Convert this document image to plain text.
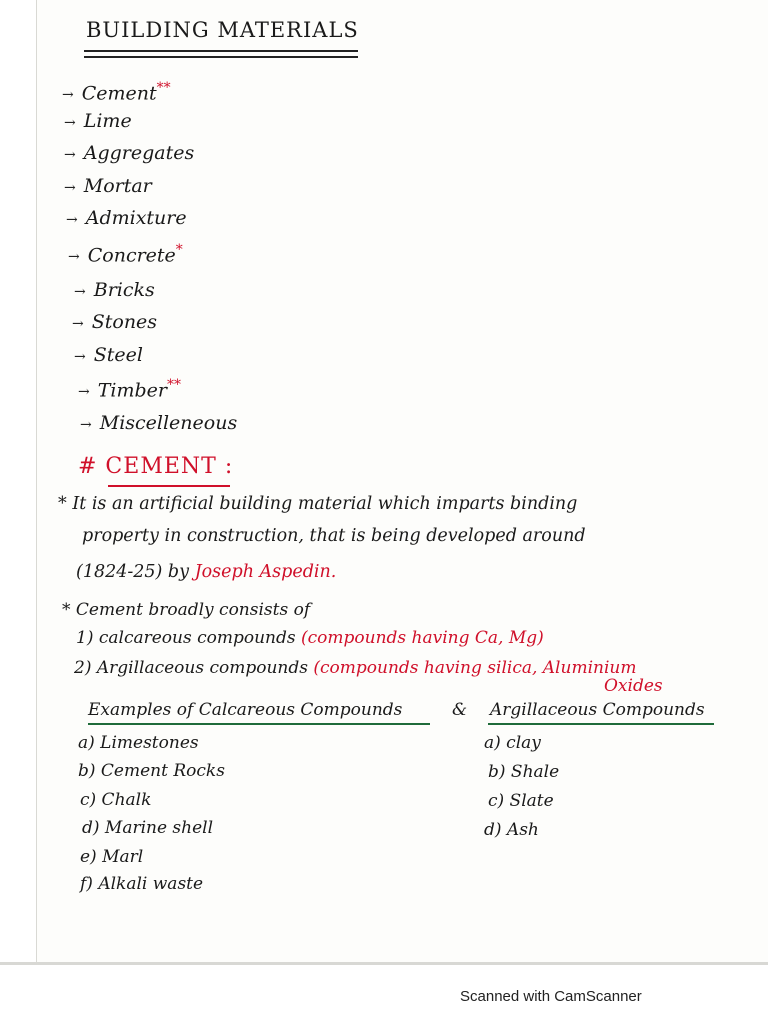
BUILDING MATERIALS
→ Cement**
→ Lime
→ Aggregates
→ Mortar
→ Admixture
→ Concrete*
→ Bricks
→ Stones
→ Steel
→ Timber**
→ Miscelleneous
# CEMENT :
* It is an artificial building material which imparts binding
property in construction, that is being developed around
(1824-25) by Joseph Aspedin.
* Cement broadly consists of
1) calcareous compounds (compounds having Ca, Mg)
2) Argillaceous compounds (compounds having silica, Aluminium
Oxides
Examples of Calcareous Compounds	& Argillaceous Compounds
a) Limestones
b) Cement Rocks
c) Chalk
d) Marine shell
e) Marl
f) Alkali waste
a) clay
b) Shale
c) Slate
d) Ash
Scanned with CamScanner
